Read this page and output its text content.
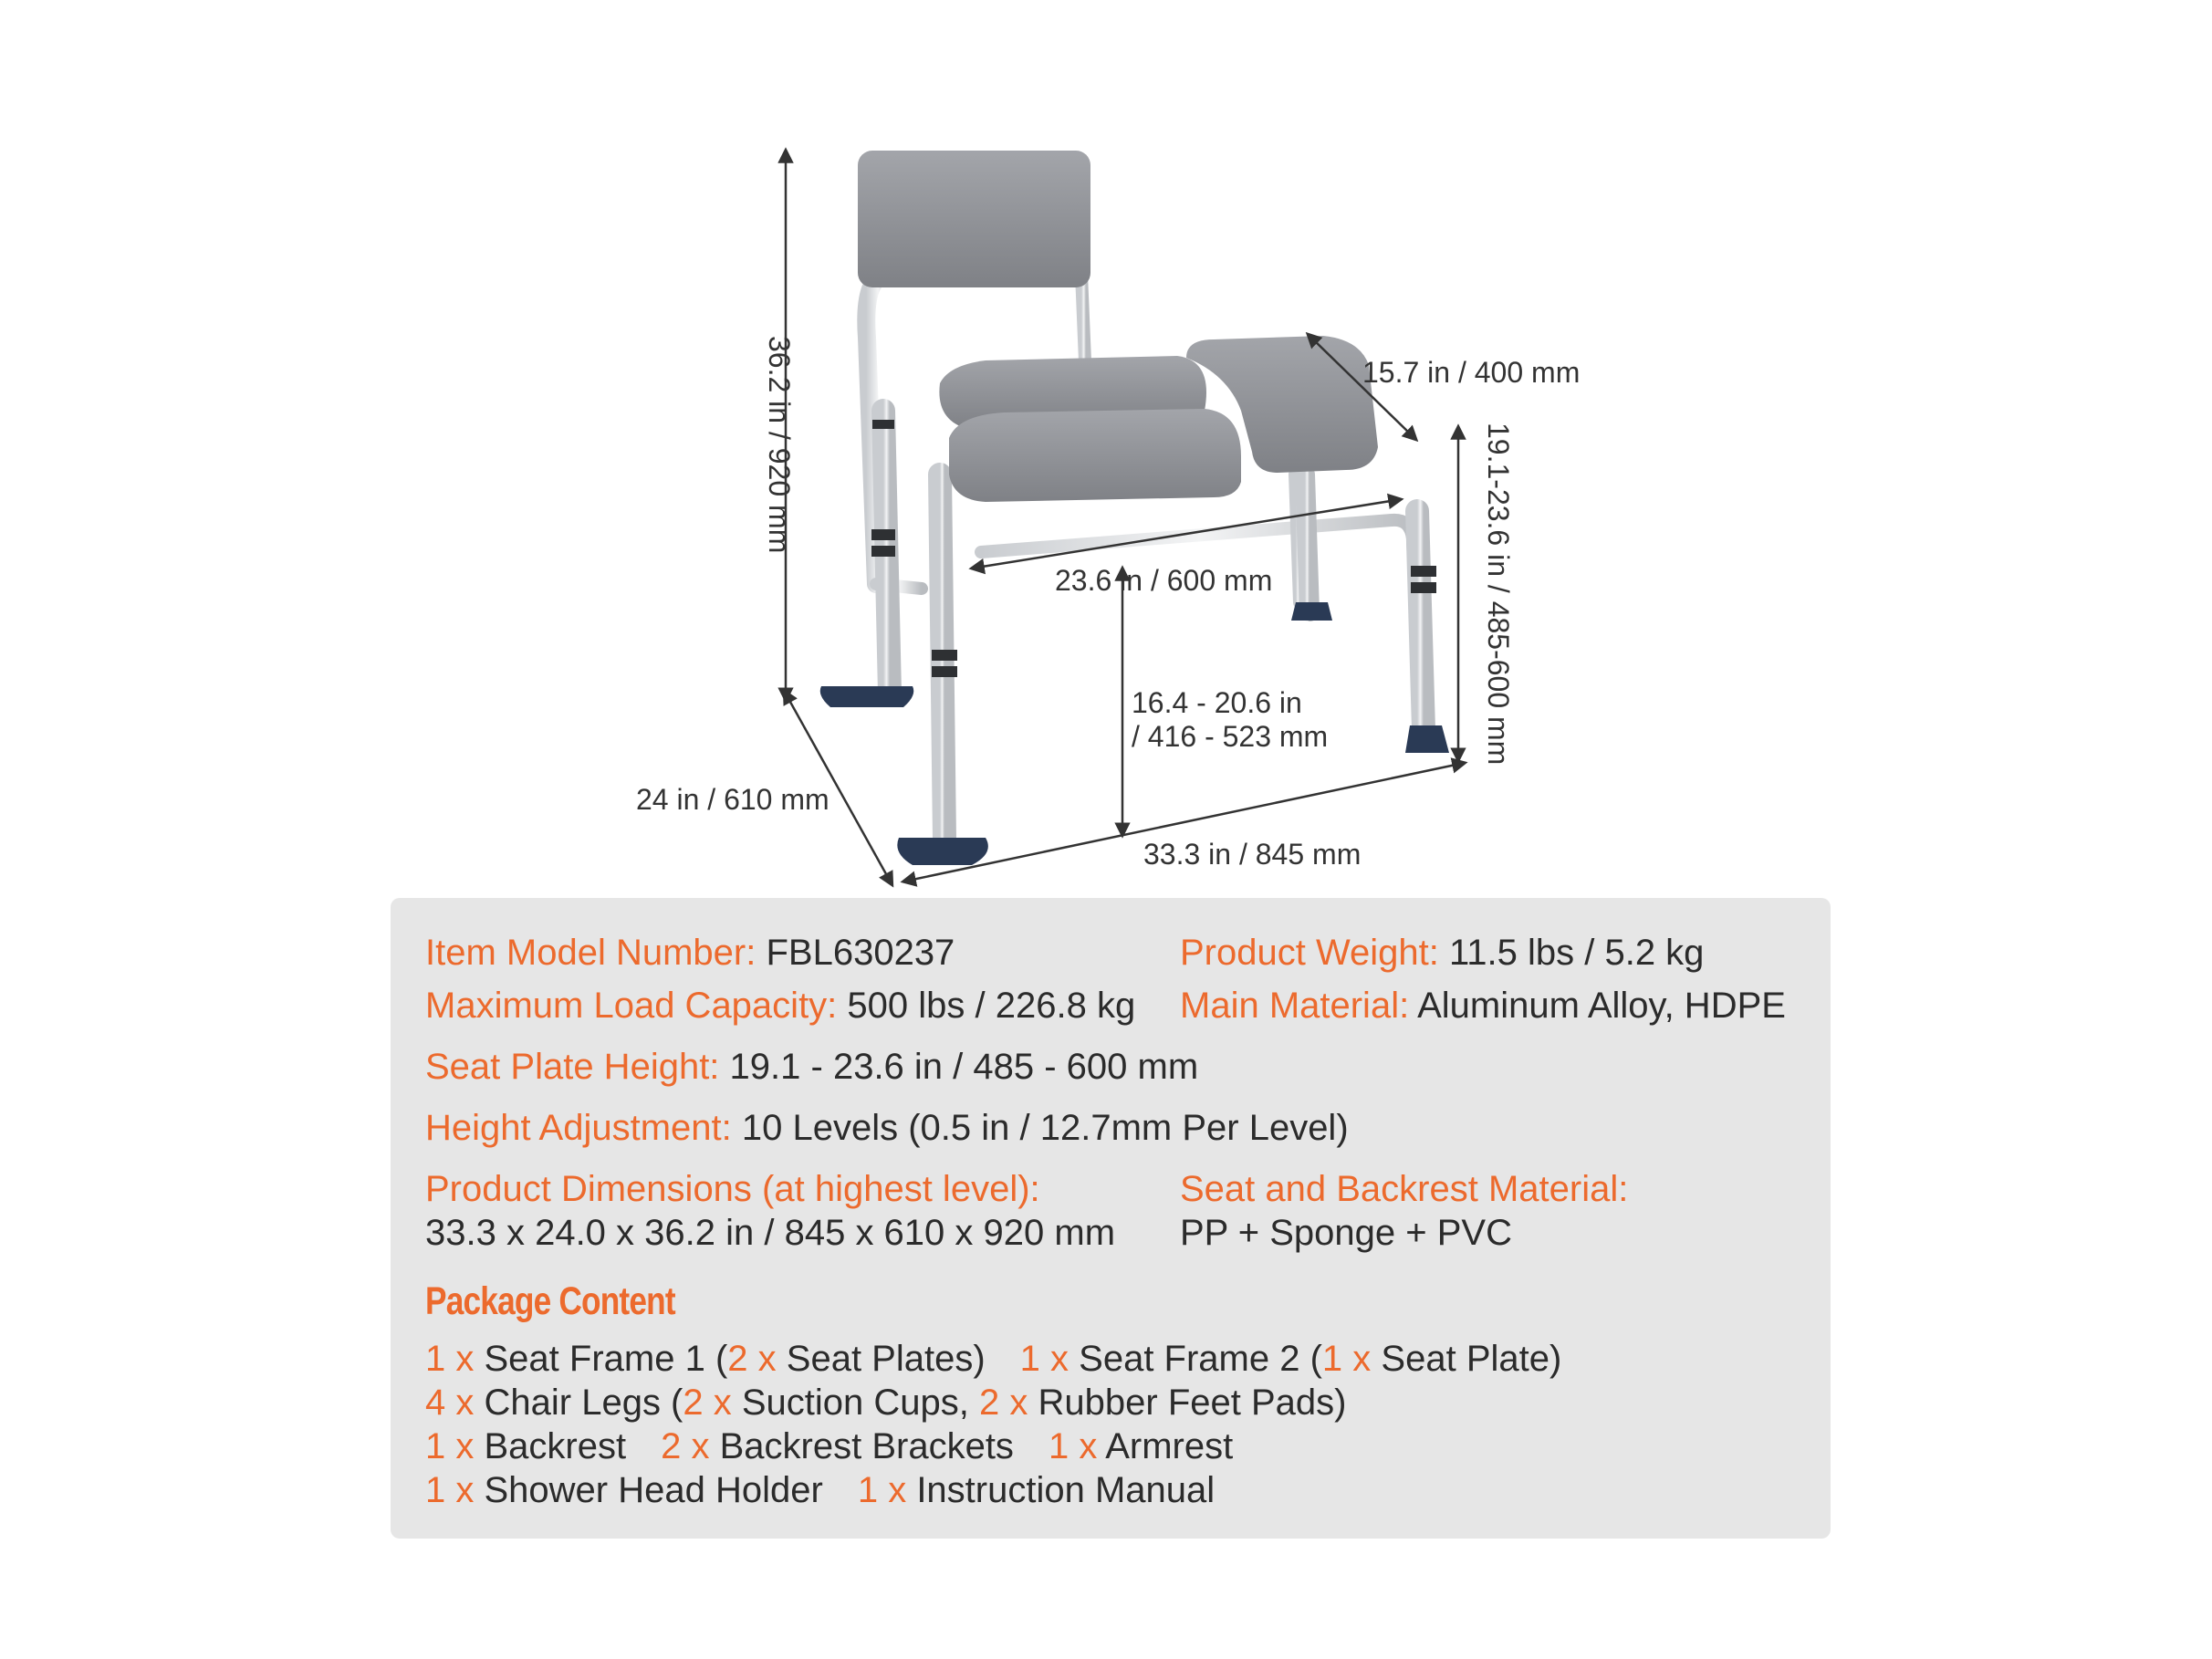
36.2 in / 920 mm	15.7 in / 400 mm
19.1-23.6 in / 485-600 mm
23.6 in / 600 mm
16.4 - 20.6 in
/ 416 - 523 mm
24 in / 610 mm
33.3 in / 845 mm
Item Model Number: FBL630237	Product Weight: 11.5 lbs / 5.2 kg
Maximum Load Capacity: 500 lbs / 226.8 kg Main Material: Aluminum Alloy, HDPE
Seat Plate Height: 19.1 - 23.6 in / 485 - 600 mm
Height Adjustment: 10 Levels (0.5 in / 12.7mm Per Level)
Product Dimensions (at highest level):
33.3 x 24.0 x 36.2 in / 845 x 610 x 920 mm
Seat and Backrest Material:
PP + Sponge + PVC
Package Content
1 x Seat Frame 1 (2 x Seat Plates) 1 x Seat Frame 2 (1 x Seat Plate)
4 x Chair Legs (2 x Suction Cups, 2 x Rubber Feet Pads)
1 x Backrest 2 x Backrest Brackets 1 x Armrest
1 x Shower Head Holder 1 x Instruction Manual
